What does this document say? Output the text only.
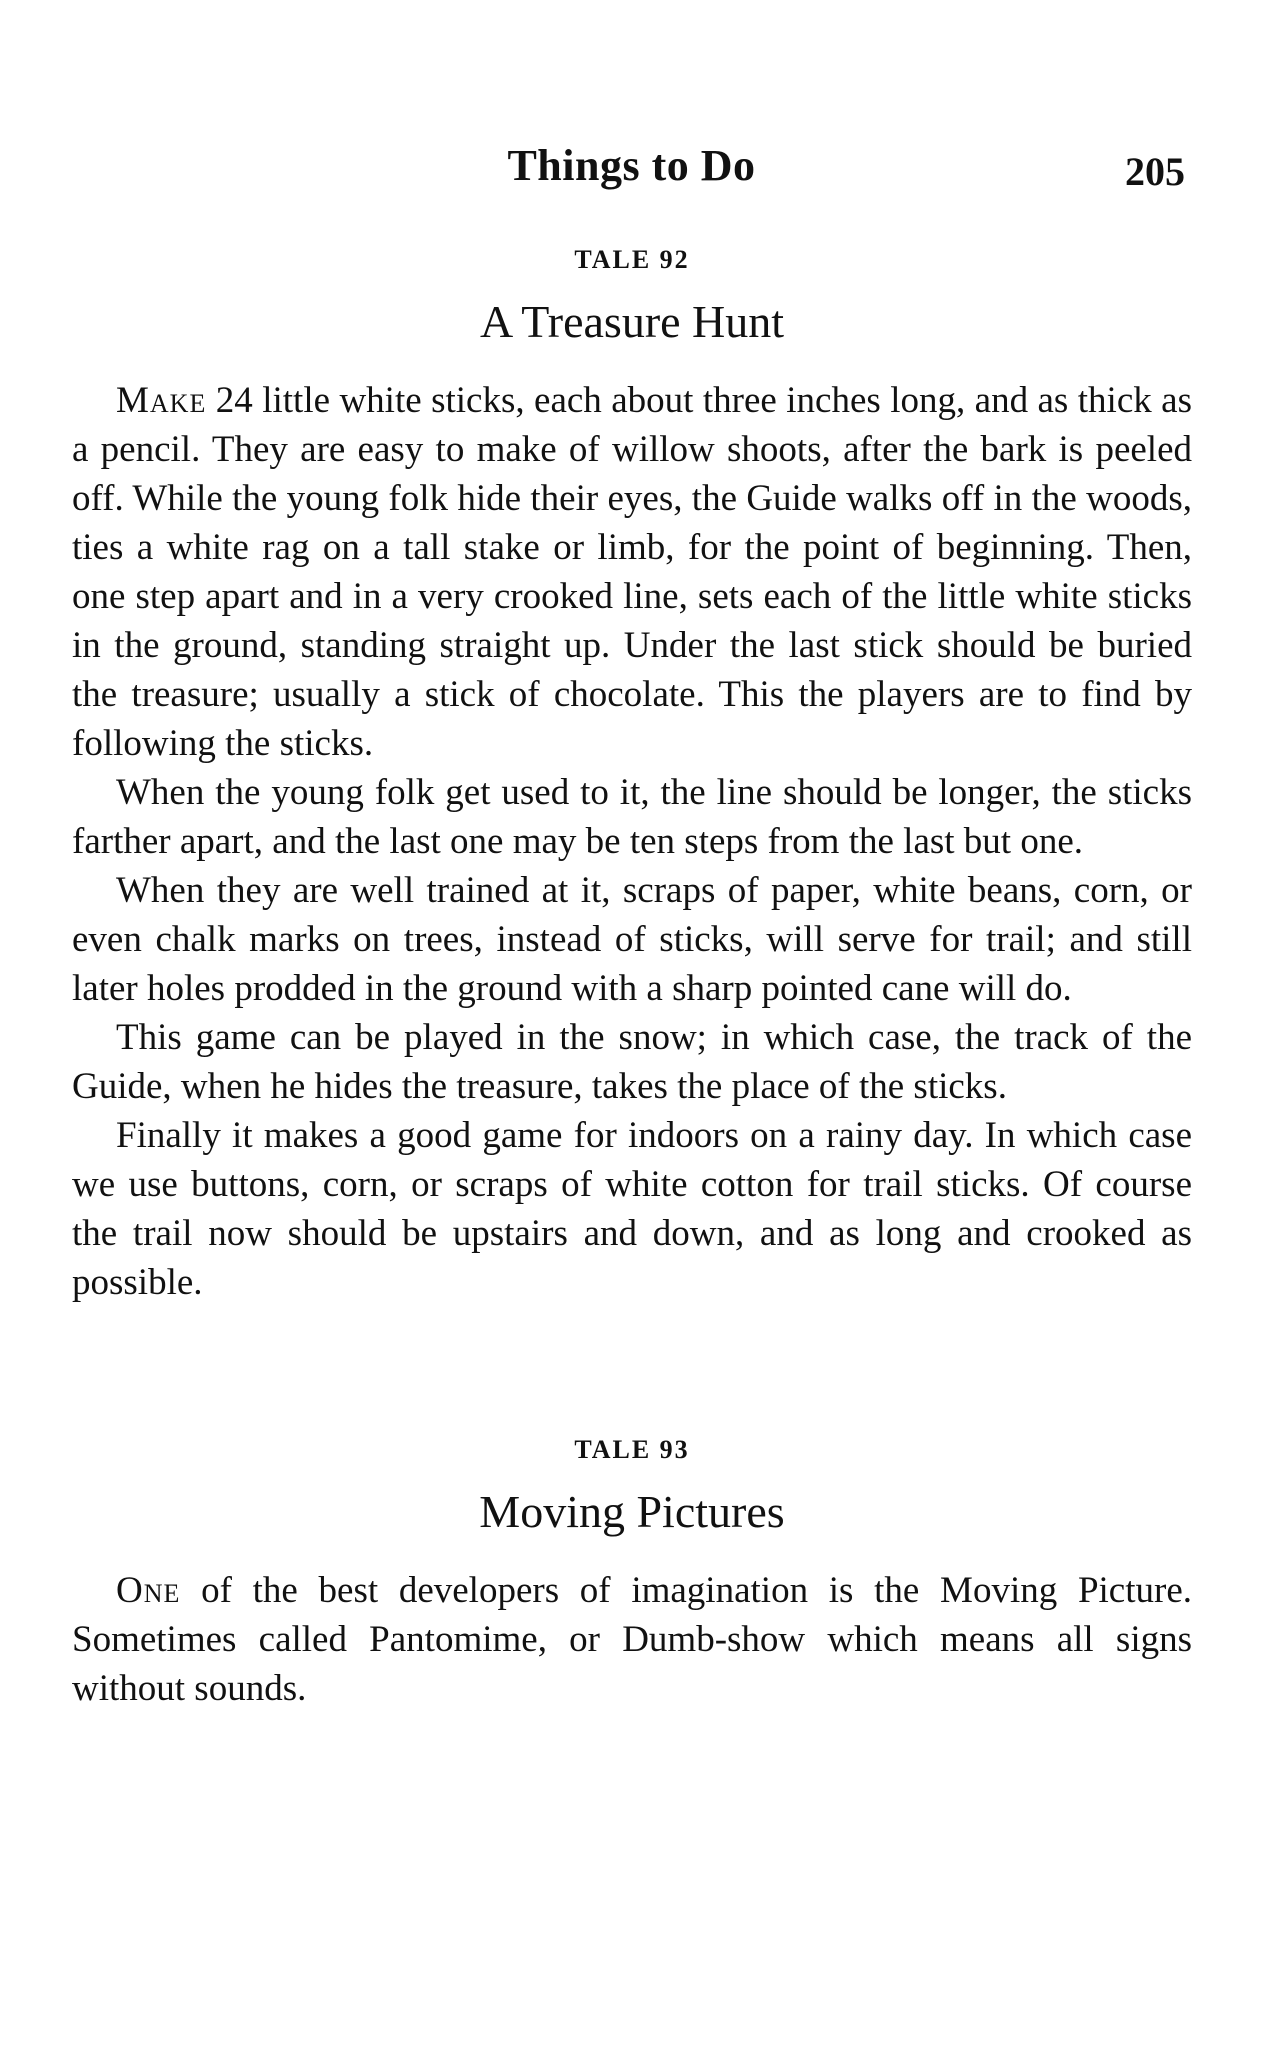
Things to Do	205

TALE 92

A Treasure Hunt

Make 24 little white sticks, each about three inches long, and as thick as a pencil. They are easy to make of willow shoots, after the bark is peeled off. While the young folk hide their eyes, the Guide walks off in the woods, ties a white rag on a tall stake or limb, for the point of beginning. Then, one step apart and in a very crooked line, sets each of the little white sticks in the ground, standing straight up. Under the last stick should be buried the treasure; usually a stick of chocolate. This the players are to find by following the sticks.

When the young folk get used to it, the line should be longer, the sticks farther apart, and the last one may be ten steps from the last but one.

When they are well trained at it, scraps of paper, white beans, corn, or even chalk marks on trees, instead of sticks, will serve for trail; and still later holes prodded in the ground with a sharp pointed cane will do.

This game can be played in the snow; in which case, the track of the Guide, when he hides the treasure, takes the place of the sticks.

Finally it makes a good game for indoors on a rainy day. In which case we use buttons, corn, or scraps of white cotton for trail sticks. Of course the trail now should be upstairs and down, and as long and crooked as possible.

TALE 93

Moving Pictures

One of the best developers of imagination is the Moving Picture. Sometimes called Pantomime, or Dumb-show which means all signs without sounds.
